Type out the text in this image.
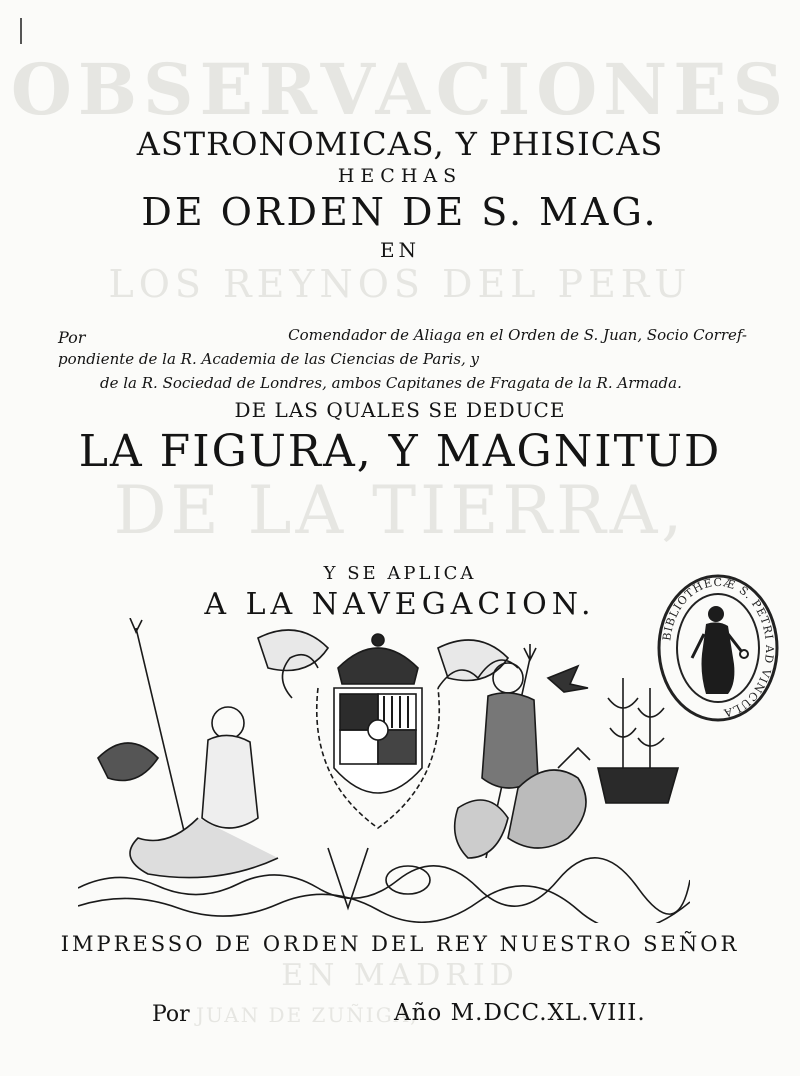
OBSERVACIONES
ASTRONOMICAS, Y PHISICAS
HECHAS
DE ORDEN DE S. MAG.
EN
LOS REYNOS DEL PERU
Por	Comendador de Aliaga en el Orden de S. Juan, Socio Corref-
pondiente de la R. Academia de las Ciencias de Paris, y
de la R. Sociedad de Londres, ambos Capitanes de Fragata de la R. Armada.
DE LAS QUALES SE DEDUCE
LA FIGURA, Y MAGNITUD
DE LA TIERRA,
Y SE APLICA
A LA NAVEGACION.
BIBLIOTHECÆ S. PETRI AD VINCULA
IMPRESSO DE ORDEN DEL REY NUESTRO SEÑOR
EN MADRID
Por JUAN DE ZUÑIGA,
Año M.DCC.XL.VIII.
